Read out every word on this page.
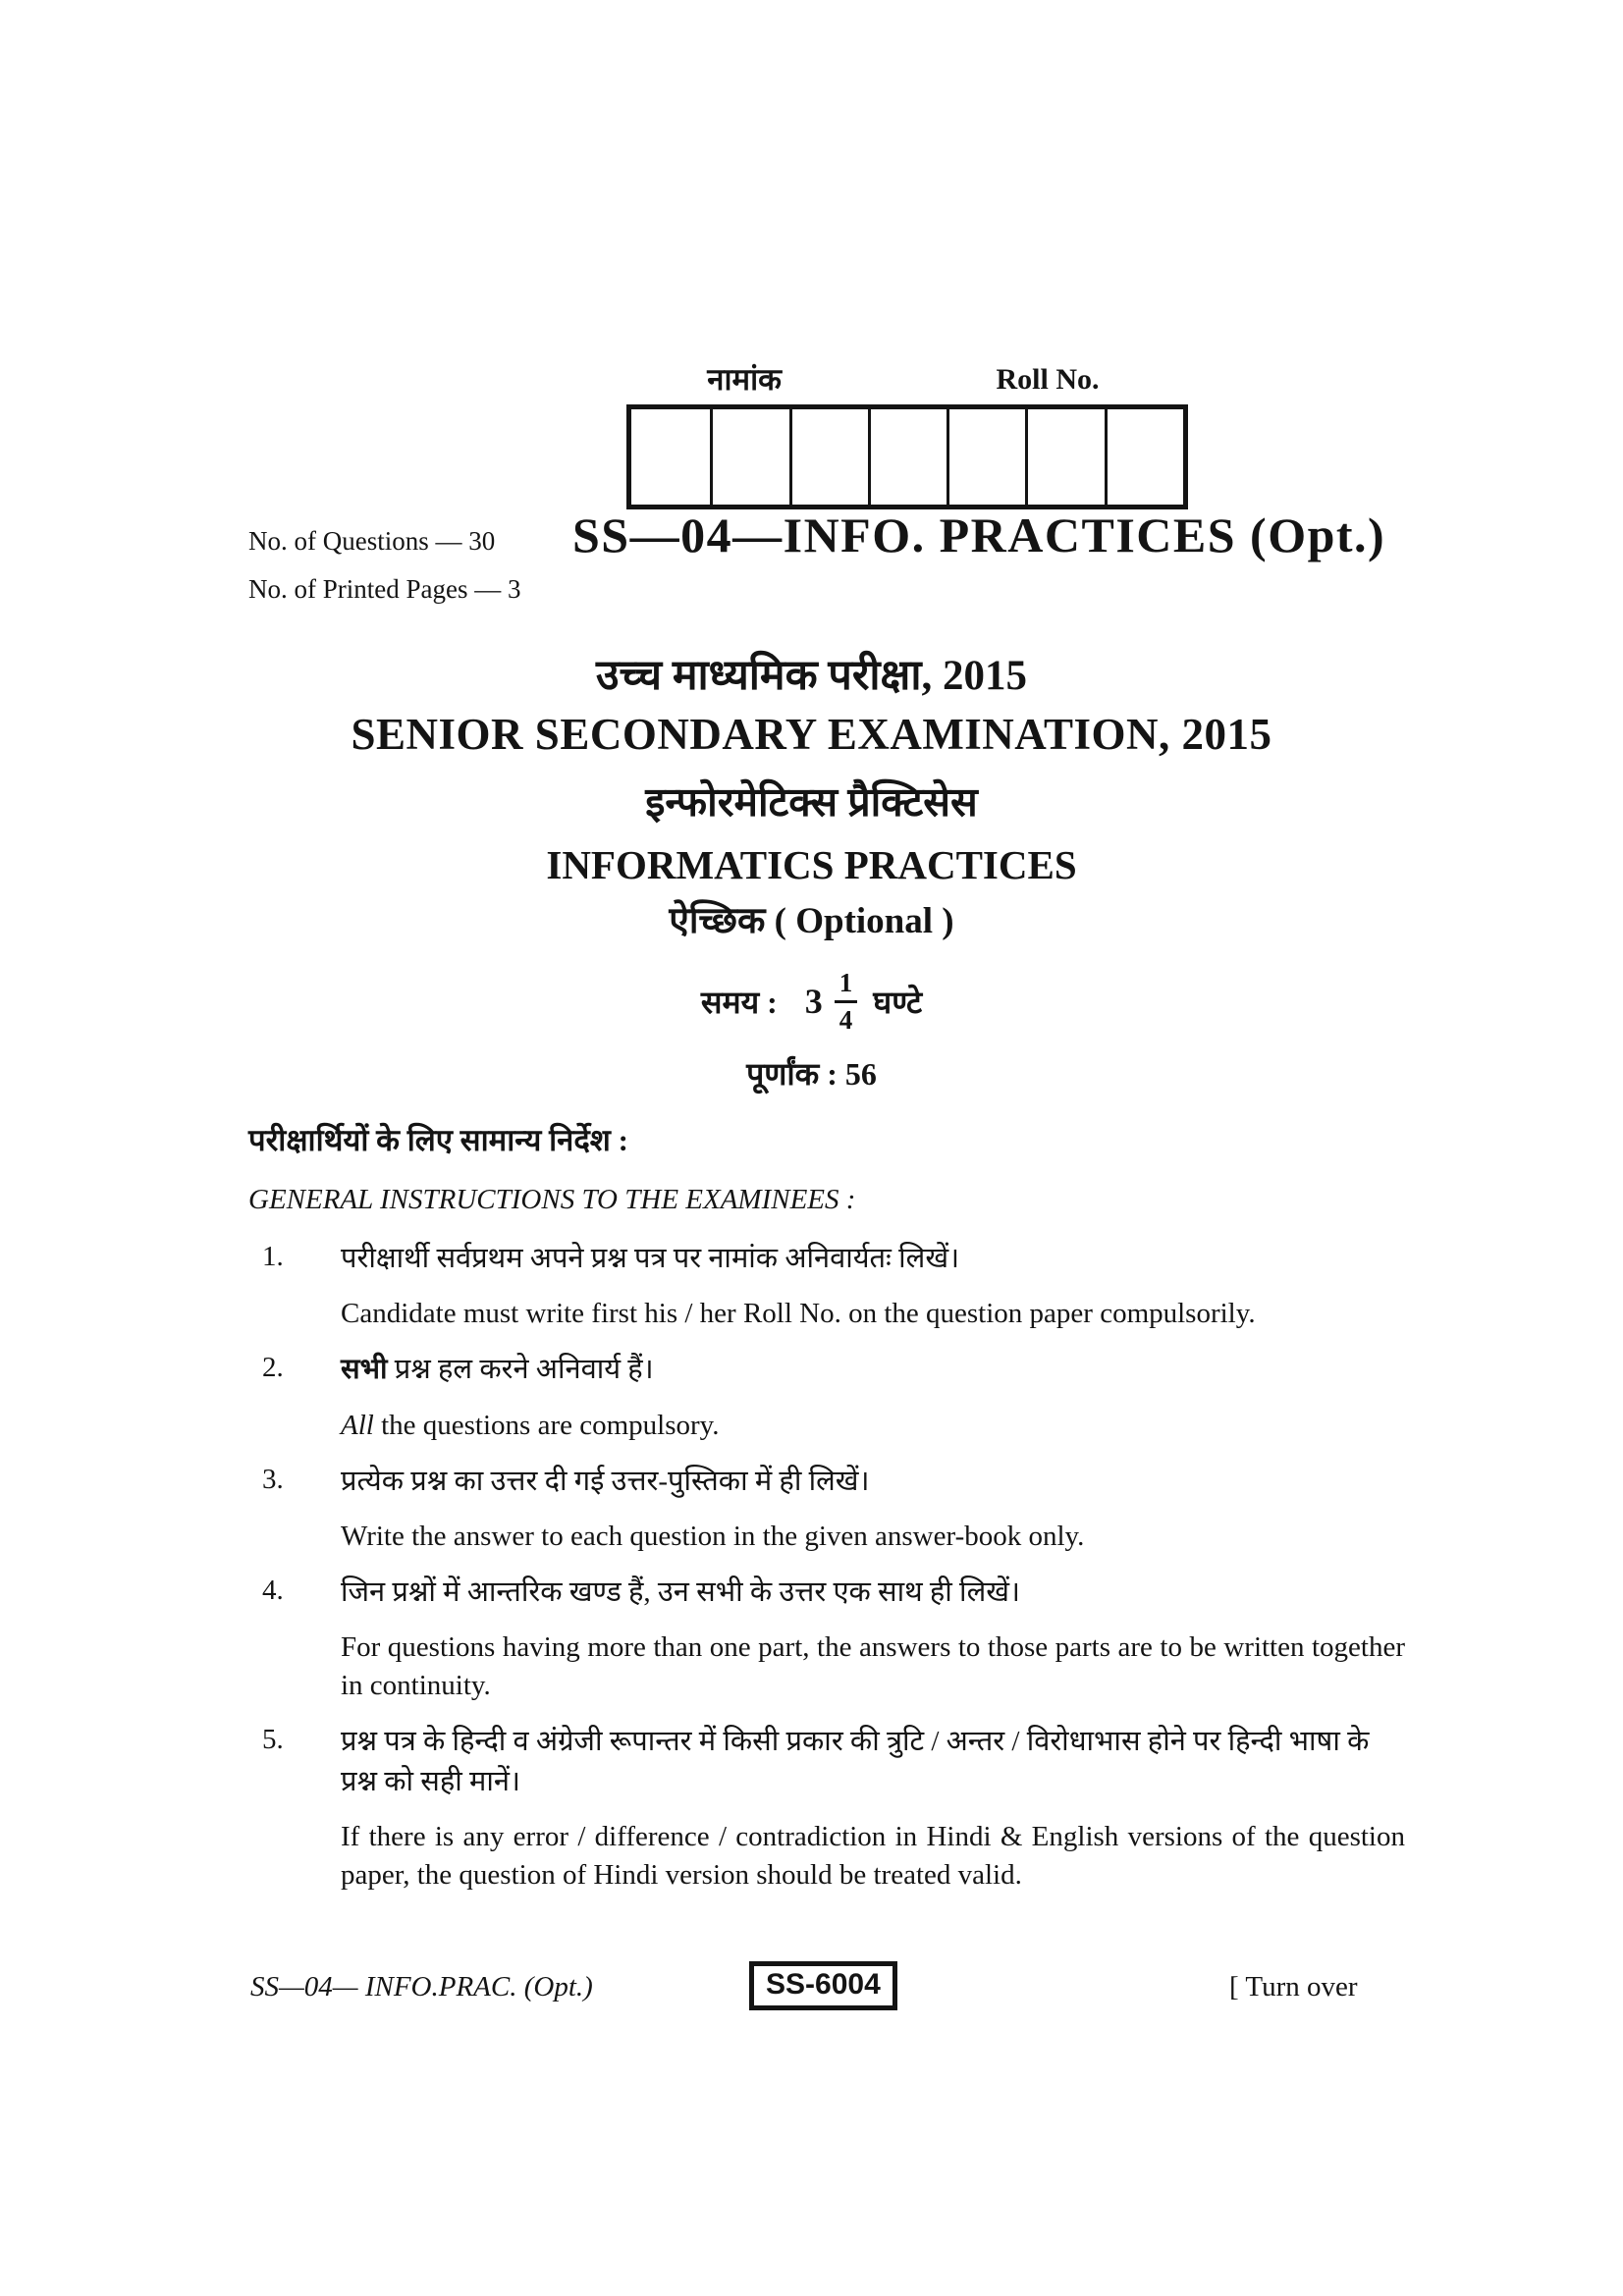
नामांक	Roll No.
No. of Questions — 30
No. of Printed Pages — 3
SS—04—INFO. PRACTICES (Opt.)
उच्च माध्यमिक परीक्षा, 2015
SENIOR SECONDARY EXAMINATION, 2015
इन्फोरमेटिक्स प्रैक्टिसेस
INFORMATICS PRACTICES
ऐच्छिक ( Optional )
समय : $3 \frac{1}{4}$ घण्टे
पूर्णांक : 56
परीक्षार्थियों के लिए सामान्य निर्देश :
GENERAL INSTRUCTIONS TO THE EXAMINEES :
1. परीक्षार्थी सर्वप्रथम अपने प्रश्न पत्र पर नामांक अनिवार्यतः लिखें।
Candidate must write first his / her Roll No. on the question paper compulsorily.
2. सभी प्रश्न हल करने अनिवार्य हैं।
All the questions are compulsory.
3. प्रत्येक प्रश्न का उत्तर दी गई उत्तर-पुस्तिका में ही लिखें।
Write the answer to each question in the given answer-book only.
4. जिन प्रश्नों में आन्तरिक खण्ड हैं, उन सभी के उत्तर एक साथ ही लिखें।
For questions having more than one part, the answers to those parts are to be written together in continuity.
5. प्रश्न पत्र के हिन्दी व अंग्रेजी रूपान्तर में किसी प्रकार की त्रुटि / अन्तर / विरोधाभास होने पर हिन्दी भाषा के प्रश्न को सही मानें।
If there is any error / difference / contradiction in Hindi & English versions of the question paper, the question of Hindi version should be treated valid.
SS—04— INFO.PRAC. (Opt.)	SS-6004	[ Turn over
